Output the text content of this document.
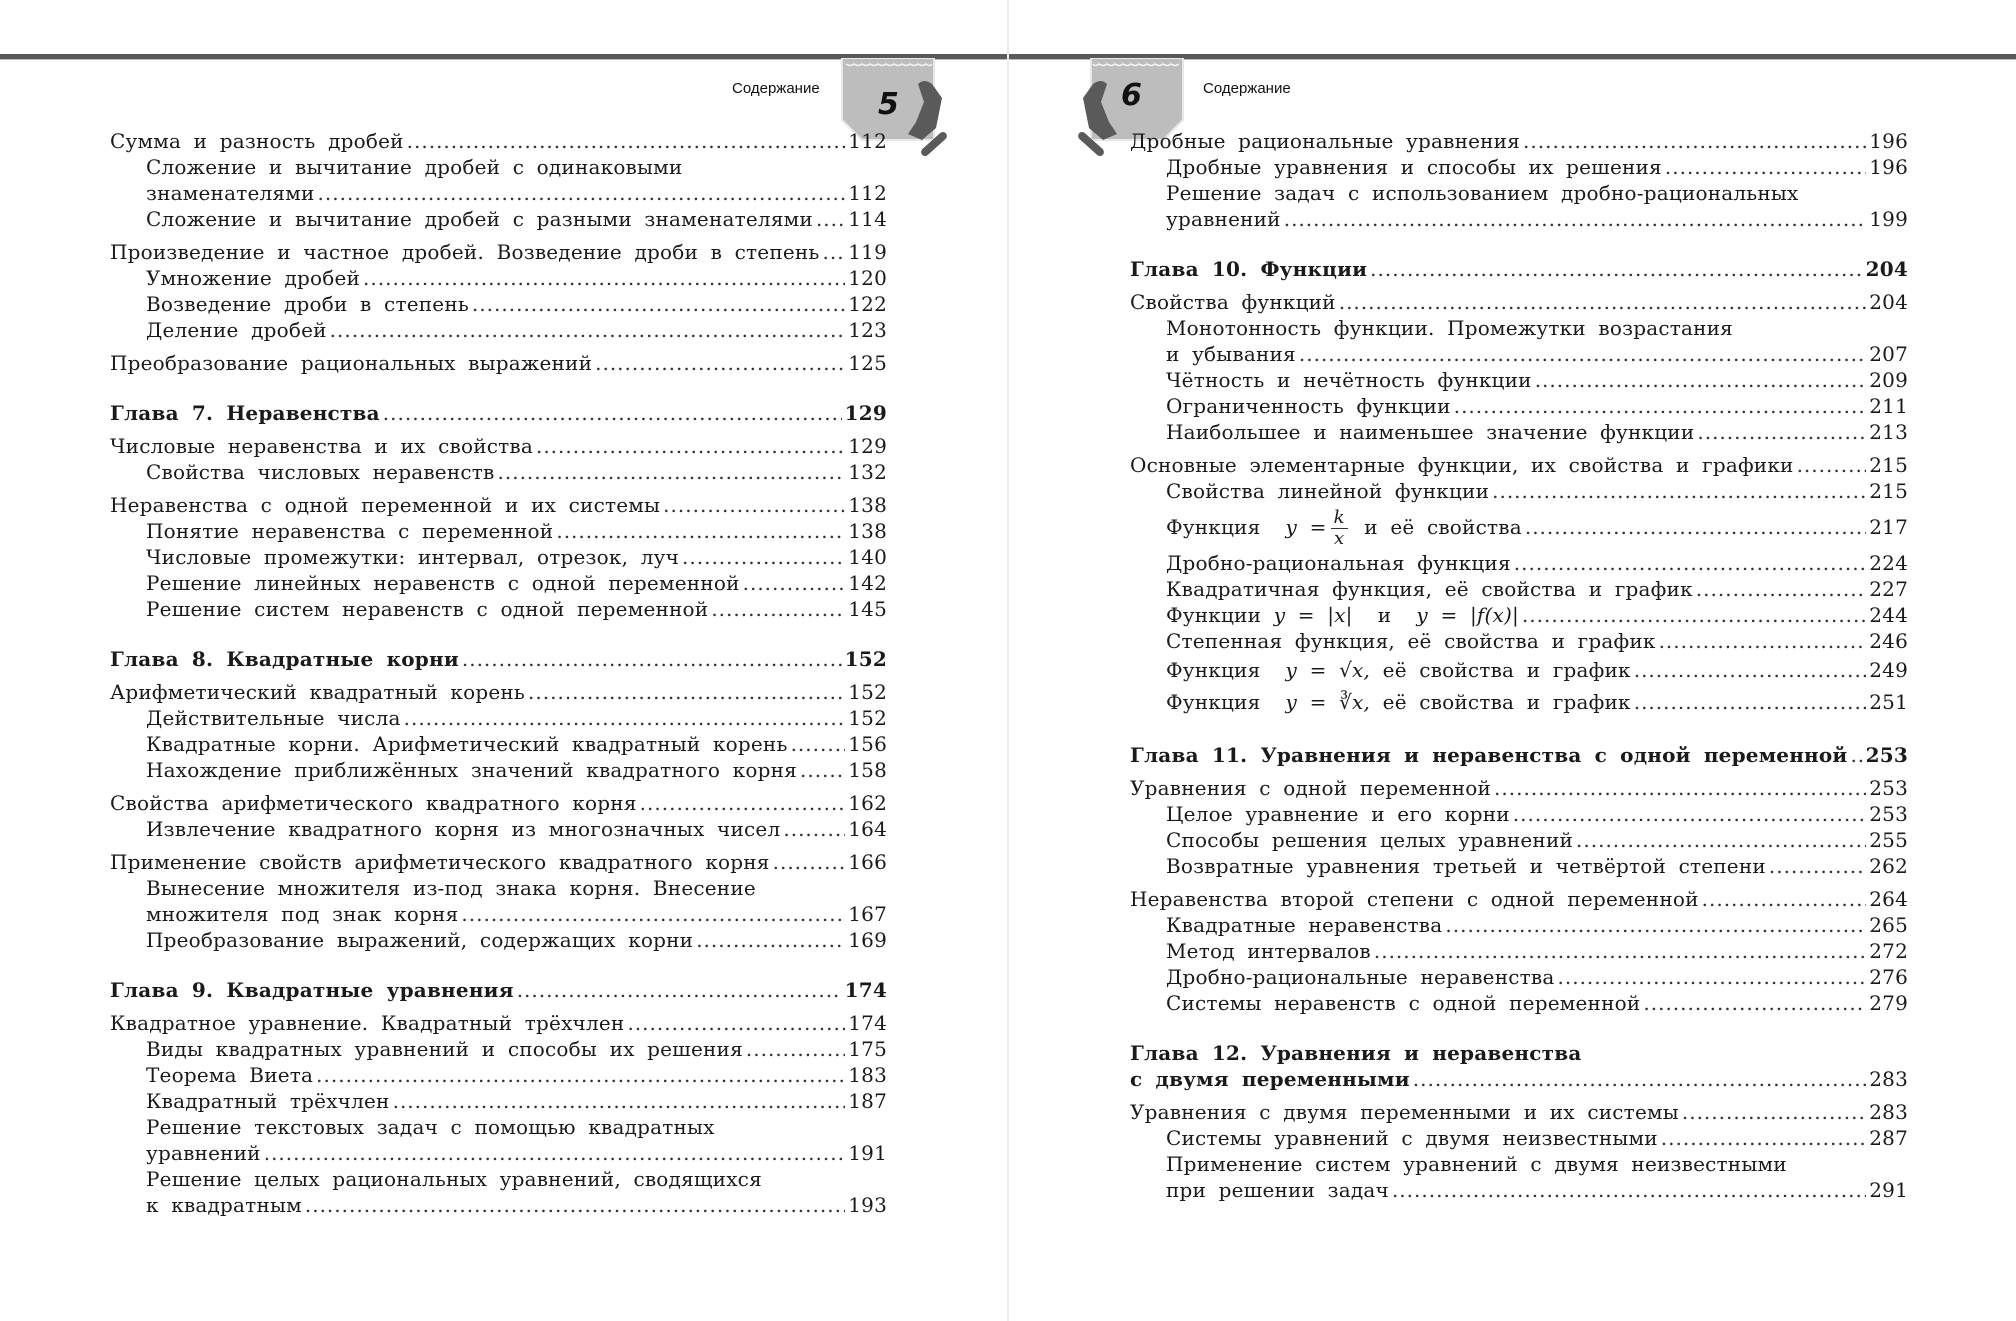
Содержание 5
Сумма и разность дробей .....	112
Сложение и вычитание дробей с одинаковыми
знаменателями .....	112
Сложение и вычитание дробей с разными знаменателями ..... 114
Произведение и частное дробей. Возведение дроби в степень ..... 119
Умножение дробей .....	120
Возведение дроби в степень .....	122
Деление дробей .....	123
Преобразование рациональных выражений .....	125
Глава 7. Неравенства .....	129
Числовые неравенства и их свойства .....	129
Свойства числовых неравенств .....	132
Неравенства с одной переменной и их системы .....	138
Понятие неравенства с переменной .....	138
Числовые промежутки: интервал, отрезок, луч .....	140
Решение линейных неравенств с одной переменной .....	142
Решение систем неравенств с одной переменной .....	145
Глава 8. Квадратные корни .....	152
Арифметический квадратный корень .....	152
Действительные числа .....	152
Квадратные корни. Арифметический квадратный корень .....	156
Нахождение приближённых значений квадратного корня .....	158
Свойства арифметического квадратного корня .....	162
Извлечение квадратного корня из многозначных чисел .....	164
Применение свойств арифметического квадратного корня .....	166
Вынесение множителя из-под знака корня. Внесение
множителя под знак корня .....	167
Преобразование выражений, содержащих корни .....	169
Глава 9. Квадратные уравнения .....	174
Квадратное уравнение. Квадратный трёхчлен .....	174
Виды квадратных уравнений и способы их решения .....	175
Теорема Виета .....	183
Квадратный трёхчлен .....	187
Решение текстовых задач с помощью квадратных
уравнений .....	191
Решение целых рациональных уравнений, сводящихся
к квадратным .....	193
6	Содержание
Дробные рациональные уравнения .....	196
Дробные уравнения и способы их решения .....	196
Решение задач с использованием дробно-рациональных
уравнений .....	199
Глава 10. Функции .....	204
Свойства функций .....	204
Монотонность функции. Промежутки возрастания
и убывания .....	207
Чётность и нечётность функции .....	209
Ограниченность функции .....	211
Наибольшее и наименьшее значение функции .....	213
Основные элементарные функции, их свойства и графики .....	215
Свойства линейной функции .....	215
Функция $y = \frac{k}{x}$ и её свойства .....	217
Дробно-рациональная функция .....	224
Квадратичная функция, её свойства и график .....	227
Функции y = |x| и y = |f(x)| .....	244
Степенная функция, её свойства и график .....	246
Функция y = √x, её свойства и график .....	249
Функция y = ∛x, её свойства и график .....	251
Глава 11. Уравнения и неравенства с одной переменной ..... 253
Уравнения с одной переменной .....	253
Целое уравнение и его корни .....	253
Способы решения целых уравнений .....	255
Возвратные уравнения третьей и четвёртой степени .....	262
Неравенства второй степени с одной переменной .....	264
Квадратные неравенства .....	265
Метод интервалов .....	272
Дробно-рациональные неравенства .....	276
Системы неравенств с одной переменной .....	279
Глава 12. Уравнения и неравенства
с двумя переменными .....	283
Уравнения с двумя переменными и их системы .....	283
Системы уравнений с двумя неизвестными .....	287
Применение систем уравнений с двумя неизвестными
при решении задач .....	291
